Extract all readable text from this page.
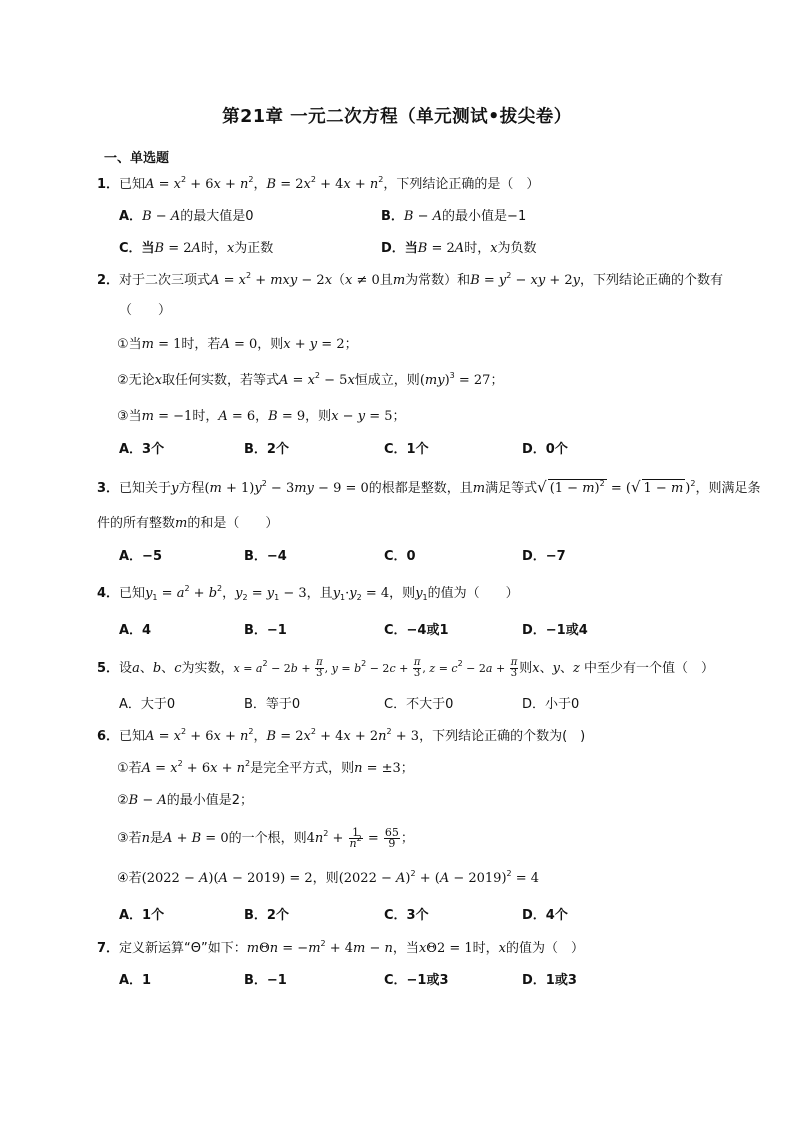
第21章 一元二次方程（单元测试•拔尖卷）
一、单选题
1．已知$A = x^2 + 6x + n^2$，$B = 2x^2 + 4x + n^2$，下列结论正确的是（　）
A．B − A的最大值是0	B．B − A的最小值是−1
C．当B = 2A时，x为正数	D．当B = 2A时，x为负数
2．对于二次三项式$A = x^2$ + mxy − 2x（x ≠ 0且m为常数）和$B = y^2$ − xy + 2y，下列结论正确的个数有
（　　）
①当m = 1时，若A = 0，则x + y = 2；
②无论x取任何实数，若等式$A = x^2 - 5x$恒成立，则(my)$^3$ = 27；
③当m = −1时，A = 6，B = 9，则x − y = 5；
A．3个	B．2个	C．1个	D．0个
3．已知关于y方程$(m + 1)y^2 - 3my - 9 = 0$的根都是整数，且m满足等式√ $(1 - m)^2$ = (√ 1 − m )$^2$，则满足条
件的所有整数m的和是（　　）
A．−5	B．−4	C．0	D．−7
4．已知$y_1 = a^2 + b^2$，$y_2 = y_1 - 3$，且$y_1\cdot y_2 = 4$，则$y_1$的值为（　　）
A．4	B．−1	C．−4或1	D．−1或4
5．设a、b、c为实数，$x = a^2 - 2b + \frac{\pi}{3}$ , $y = b^2 - 2c + \frac{\pi}{3}$ , $z = c^2 - 2a + \frac{\pi}{3}$ 则x、y、z 中至少有一个值（　）
A．大于0	B．等于0	C．不大于0	D．小于0
6．已知$A = x^2 + 6x + n^2$，$B = 2x^2 + 4x + 2n^2 + 3$，下列结论正确的个数为(　)
①若$A = x^2 + 6x + n^2$是完全平方式，则n = ±3；
②B − A的最小值是2；
③若n是A + B = 0的一个根，则$4n^2 + \frac{1}{n^2} = \frac{65}{9}$ ；
④若(2022 − A)(A − 2019) = 2，则$(2022 - A)^2 + (A - 2019)^2 = 4$
A．1个	B．2个	C．3个	D．4个
7．定义新运算“Θ”如下：$m\Theta n = -m^2 + 4m - n$，当xΘ2 = 1时，x的值为（　）
A．1	B．−1	C．−1或3	D．1或3
